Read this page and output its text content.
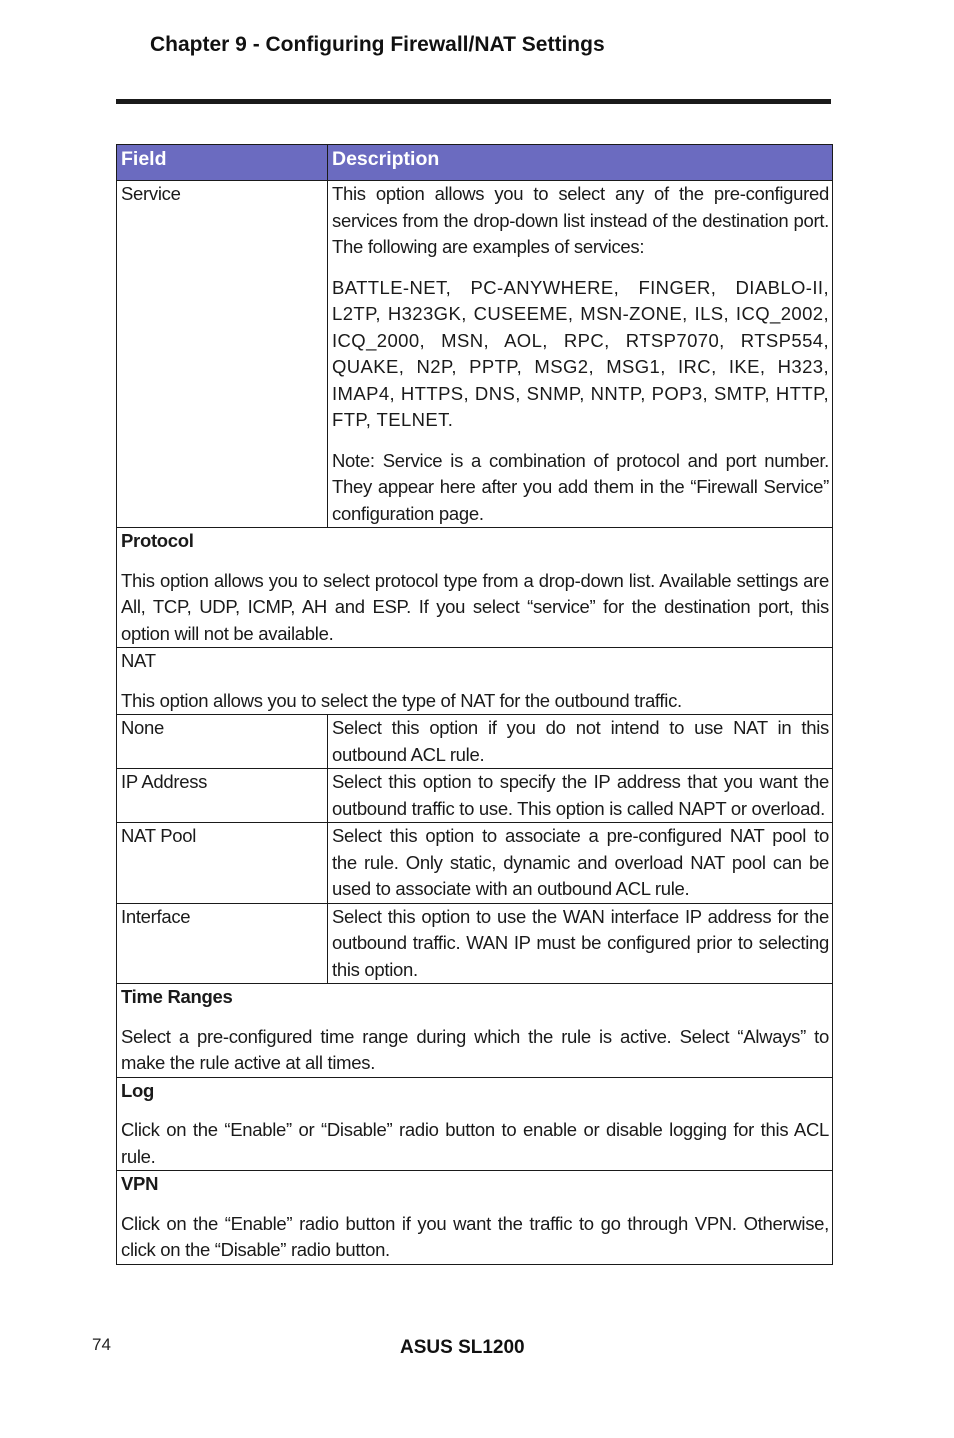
Chapter 9 - Configuring Firewall/NAT Settings
Field	Description
Service	This option allows you to select any of the pre-configured services from the drop-down list instead of the destination port. The following are examples of services:

BATTLE-NET, PC-ANYWHERE, FINGER, DIABLO-II, L2TP, H323GK, CUSEEME, MSN-ZONE, ILS, ICQ_2002, ICQ_2000, MSN, AOL, RPC, RTSP7070, RTSP554, QUAKE, N2P, PPTP, MSG2, MSG1, IRC, IKE, H323, IMAP4, HTTPS, DNS, SNMP, NNTP, POP3, SMTP, HTTP, FTP, TELNET.

Note: Service is a combination of protocol and port number. They appear here after you add them in the “Firewall Service” configuration page.

Protocol

This option allows you to select protocol type from a drop-down list. Available settings are All, TCP, UDP, ICMP, AH and ESP. If you select “service” for the destination port, this option will not be available.	

NAT

This option allows you to select the type of NAT for the outbound traffic.	

None	Select this option if you do not intend to use NAT in this outbound ACL rule.
IP Address	Select this option to specify the IP address that you want the outbound traffic to use. This option is called NAPT or overload.
NAT Pool	Select this option to associate a pre-configured NAT pool to the rule. Only static, dynamic and overload NAT pool can be used to associate with an outbound ACL rule.
Interface	Select this option to use the WAN interface IP address for the outbound traffic. WAN IP must be configured prior to selecting this option.

Time Ranges

Select a pre-configured time range during which the rule is active. Select “Always” to make the rule active at all times.	

Log

Click on the “Enable” or “Disable” radio button to enable or disable logging for this ACL rule.	

VPN

Click on the “Enable” radio button if you want the traffic to go through VPN. Otherwise, click on the “Disable” radio button.	

74	ASUS SL1200
